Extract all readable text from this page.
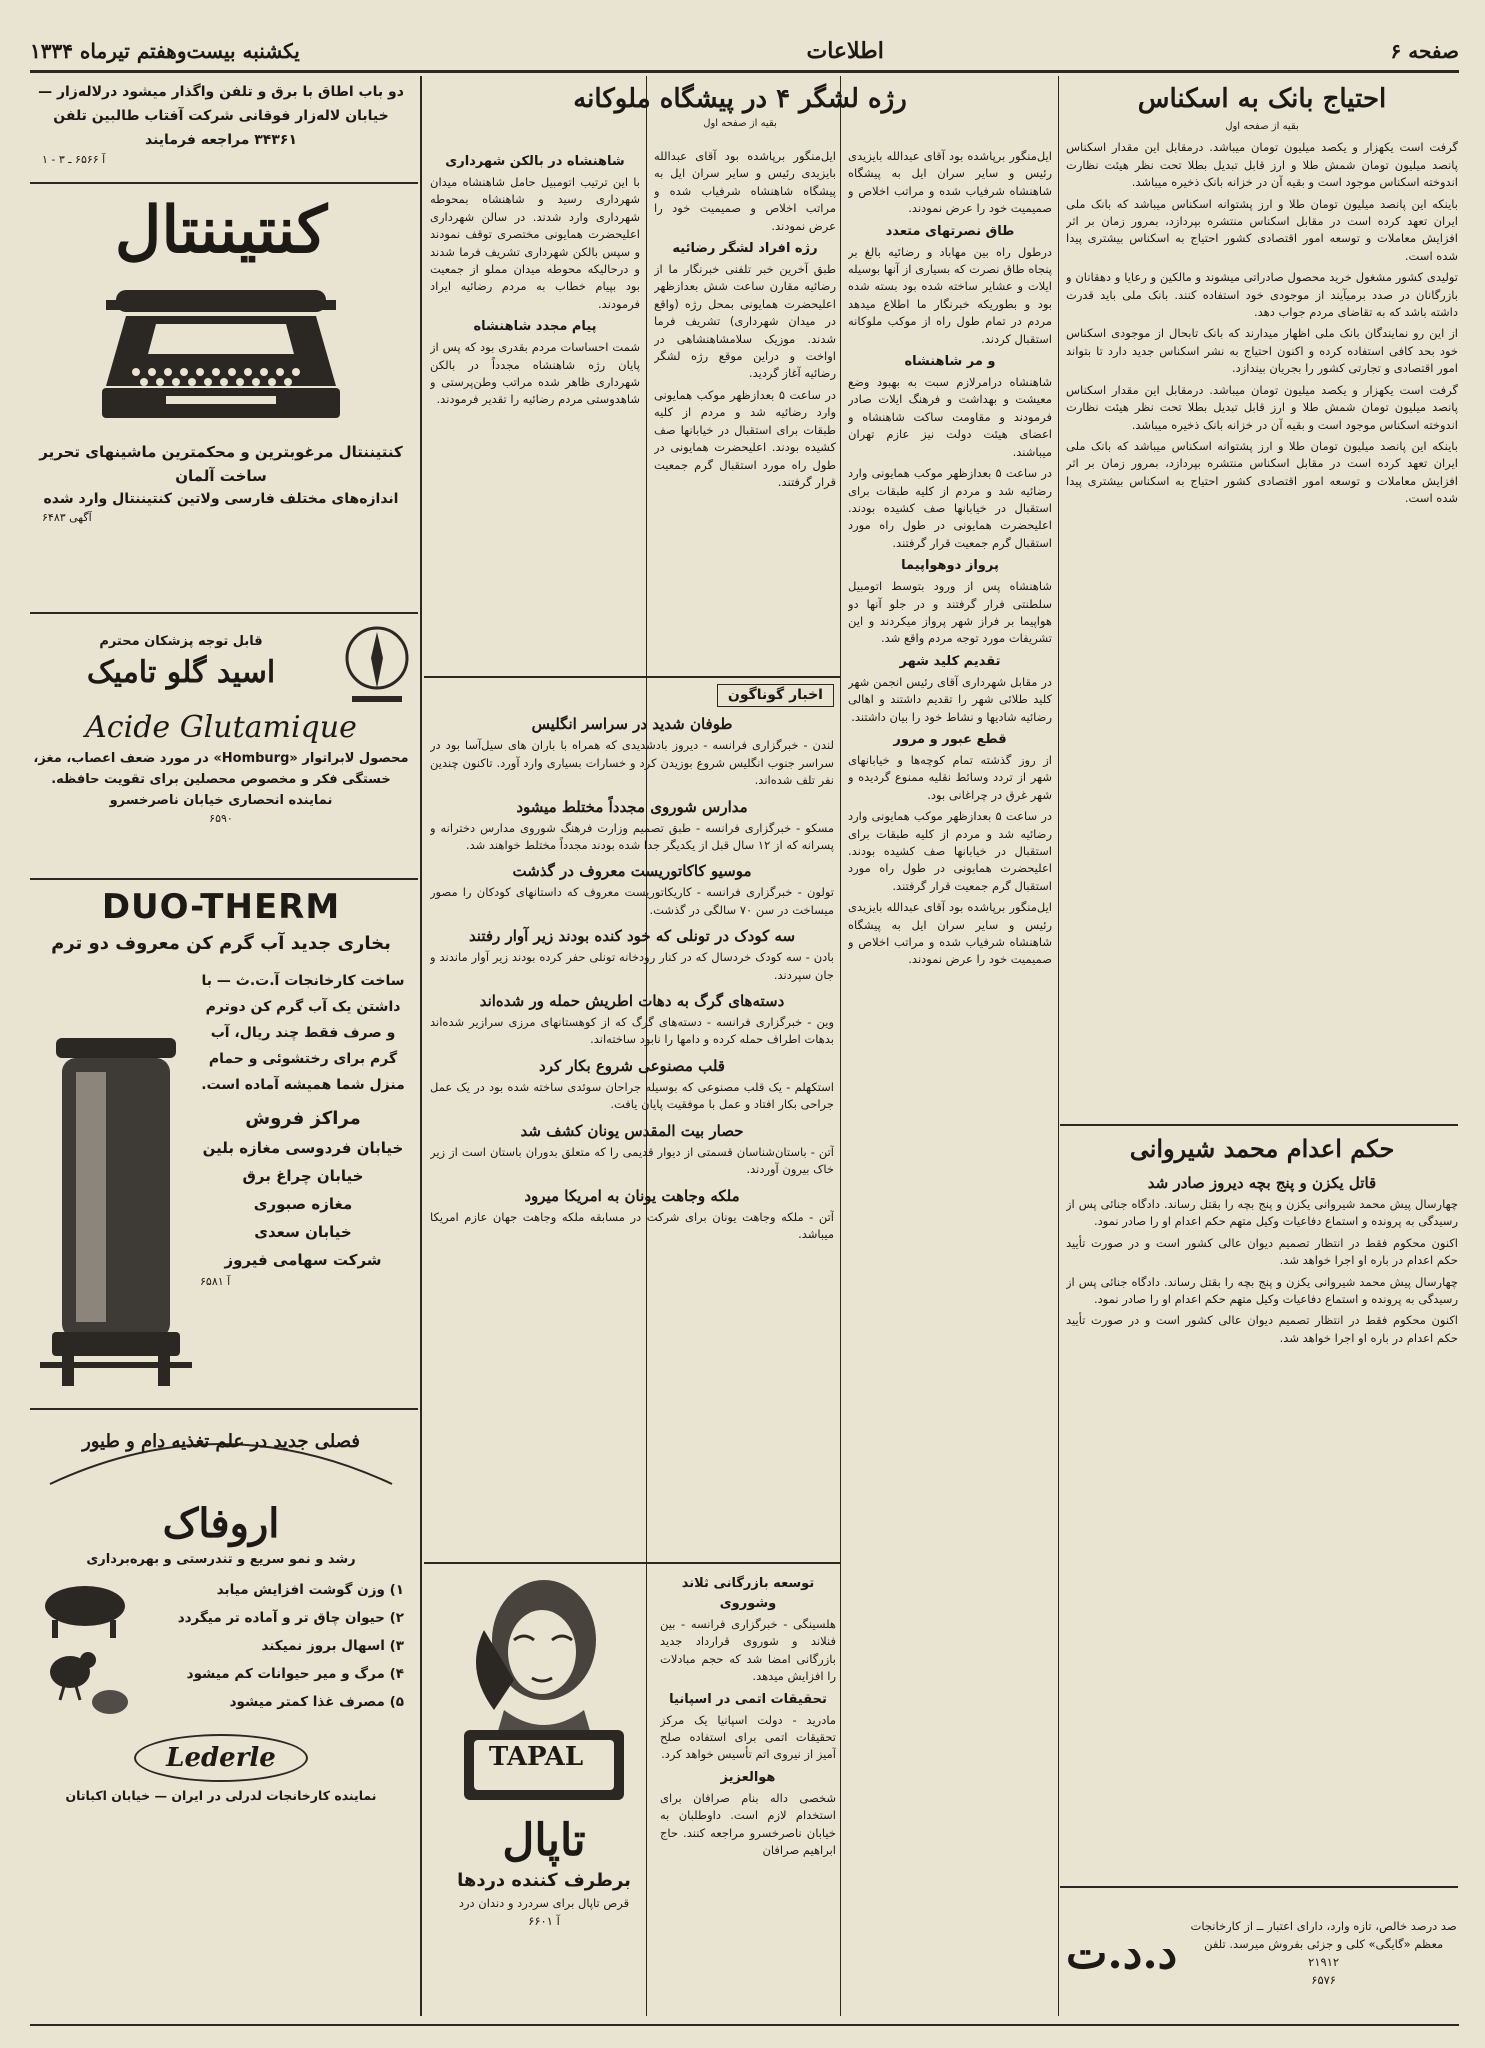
صفحه ۶
اطلاعات
یکشنبه بیست‌وهفتم تیرماه ۱۳۳۴
احتیاج بانک به اسکناس
بقیه از صفحه اول

گرفت است یکهزار و یکصد میلیون تومان میباشد. درمقابل این مقدار اسکناس پانصد میلیون تومان شمش طلا و ارز قابل تبدیل بطلا تحت نظر هیئت نظارت اندوخته اسکناس موجود است و بقیه آن در خزانه بانک ذخیره میباشد.

باینکه این پانصد میلیون تومان طلا و ارز پشتوانه اسکناس میباشد که بانک ملی ایران تعهد کرده است در مقابل اسکناس منتشره بپردازد، بمرور زمان بر اثر افزایش معاملات و توسعه امور اقتصادی کشور احتیاج به اسکناس بیشتری پیدا شده است.

تولیدی کشور مشغول خرید محصول صادراتی میشوند و مالکین و رعایا و دهقانان و بازرگانان در صدد برمیآیند از موجودی خود استفاده کنند. بانک ملی باید قدرت داشته باشد که به تقاضای مردم جواب دهد.

از این رو نمایندگان بانک ملی اظهار میدارند که بانک تابحال از موجودی اسکناس خود بحد کافی استفاده کرده و اکنون احتیاج به نشر اسکناس جدید دارد تا بتواند امور اقتصادی و تجارتی کشور را بجریان بیندازد.

گرفت است یکهزار و یکصد میلیون تومان میباشد. درمقابل این مقدار اسکناس پانصد میلیون تومان شمش طلا و ارز قابل تبدیل بطلا تحت نظر هیئت نظارت اندوخته اسکناس موجود است و بقیه آن در خزانه بانک ذخیره میباشد.

باینکه این پانصد میلیون تومان طلا و ارز پشتوانه اسکناس میباشد که بانک ملی ایران تعهد کرده است در مقابل اسکناس منتشره بپردازد، بمرور زمان بر اثر افزایش معاملات و توسعه امور اقتصادی کشور احتیاج به اسکناس بیشتری پیدا شده است.

حکم اعدام محمد شیروانی
قاتل یکزن و پنج بچه دیروز صادر شد

چهارسال پیش محمد شیروانی یکزن و پنج بچه را بقتل رساند. دادگاه جنائی پس از رسیدگی به پرونده و استماع دفاعیات وکیل متهم حکم اعدام او را صادر نمود.

اکنون محکوم فقط در انتظار تصمیم دیوان عالی کشور است و در صورت تأیید حکم اعدام در باره او اجرا خواهد شد.

چهارسال پیش محمد شیروانی یکزن و پنج بچه را بقتل رساند. دادگاه جنائی پس از رسیدگی به پرونده و استماع دفاعیات وکیل متهم حکم اعدام او را صادر نمود.

اکنون محکوم فقط در انتظار تصمیم دیوان عالی کشور است و در صورت تأیید حکم اعدام در باره او اجرا خواهد شد.

صد درصد خالص، تازه وارد، دارای اعتبار ــ از کارخانجات معظم «گایگی» کلی و جزئی بفروش میرسد. تلفن ۲۱۹۱۲
۶۵۷۶
د.د.ت
رژه لشگر ۴ در پیشگاه ملوکانه
بقیه از صفحه اول

ایل‌منگور برپاشده بود آقای عبدالله بایزیدی رئیس و سایر سران ایل به پیشگاه شاهنشاه شرفیاب شده و مراتب اخلاص و صمیمیت خود را عرض نمودند.

طاق نصرتهای متعدد

درطول راه بین مهاباد و رضائیه بالغ بر پنجاه طاق نصرت که بسیاری از آنها بوسیله ایلات و عشایر ساخته شده بود بسته شده بود و بطوریکه خبرنگار ما اطلاع میدهد مردم در تمام طول راه از موکب ملوکانه استقبال کردند.

و مر شاهنشاه

شاهنشاه درامرلازم سبت به بهبود وضع معیشت و بهداشت و فرهنگ ایلات صادر فرمودند و مقاومت ساکت شاهنشاه و اعضای هیئت دولت نیز عازم تهران میباشند.

در ساعت ۵ بعدازظهر موکب همایونی وارد رضائیه شد و مردم از کلیه طبقات برای استقبال در خیابانها صف کشیده بودند. اعلیحضرت همایونی در طول راه مورد استقبال گرم جمعیت قرار گرفتند.

پرواز دوهواپیما

شاهنشاه پس از ورود بتوسط اتومبیل سلطنتی فرار گرفتند و در جلو آنها دو هواپیما بر فراز شهر پرواز میکردند و این تشریفات مورد توجه مردم واقع شد.

تقدیم کلید شهر

در مقابل شهرداری آقای رئیس انجمن شهر کلید طلائی شهر را تقدیم داشتند و اهالی رضائیه شادیها و نشاط خود را بیان داشتند.

قطع عبور و مرور

از روز گذشته تمام کوچه‌ها و خیابانهای شهر از تردد وسائط نقلیه ممنوع گردیده و شهر غرق در چراغانی بود.

در ساعت ۵ بعدازظهر موکب همایونی وارد رضائیه شد و مردم از کلیه طبقات برای استقبال در خیابانها صف کشیده بودند. اعلیحضرت همایونی در طول راه مورد استقبال گرم جمعیت قرار گرفتند.

ایل‌منگور برپاشده بود آقای عبدالله بایزیدی رئیس و سایر سران ایل به پیشگاه شاهنشاه شرفیاب شده و مراتب اخلاص و صمیمیت خود را عرض نمودند.

ایل‌منگور برپاشده بود آقای عبدالله بایزیدی رئیس و سایر سران ایل به پیشگاه شاهنشاه شرفیاب شده و مراتب اخلاص و صمیمیت خود را عرض نمودند.

رژه افراد لشگر رضائیه

طبق آخرین خبر تلفنی خبرنگار ما از رضائیه مقارن ساعت شش بعدازظهر اعلیحضرت همایونی بمحل رژه (واقع در میدان شهرداری) تشریف فرما شدند. موزیک سلامشاهنشاهی در اواخت و دراین موقع رژه لشگر رضائیه آغاز گردید.

در ساعت ۵ بعدازظهر موکب همایونی وارد رضائیه شد و مردم از کلیه طبقات برای استقبال در خیابانها صف کشیده بودند. اعلیحضرت همایونی در طول راه مورد استقبال گرم جمعیت قرار گرفتند.

شاهنشاه در بالکن شهرداری

با این ترتیب اتومبیل حامل شاهنشاه میدان شهرداری رسید و شاهنشاه بمحوطه شهرداری وارد شدند. در سالن شهرداری اعلیحضرت همایونی مختصری توقف نمودند و سپس بالکن شهرداری تشریف فرما شدند و درحالیکه محوطه میدان مملو از جمعیت بود بپیام خطاب به مردم رضائیه ایراد فرمودند.

پیام مجدد شاهنشاه

شمت احساسات مردم بقدری بود که پس از پایان رژه شاهنشاه مجدداً در بالکن شهرداری ظاهر شده مراتب وطن‌پرستی و شاهدوستی مردم رضائیه را تقدیر فرمودند.

اخبار گوناگون
طوفان شدید در سراسر انگلیس

لندن - خبرگزاری فرانسه - دیروز بادشدیدی که همراه با باران های سیل‌آسا بود در سراسر جنوب انگلیس شروع بوزیدن کرد و خسارات بسیاری وارد آورد. تاکنون چندین نفر تلف شده‌اند.

مدارس شوروی مجدداً مختلط میشود

مسکو - خبرگزاری فرانسه - طبق تصمیم وزارت فرهنگ شوروی مدارس دخترانه و پسرانه که از ۱۲ سال قبل از یکدیگر جدا شده بودند مجدداً مختلط خواهند شد.

موسیو کاکاتوریست معروف در گذشت

تولون - خبرگزاری فرانسه - کاریکاتوریست معروف که داستانهای کودکان را مصور میساخت در سن ۷۰ سالگی در گذشت.

سه کودک در تونلی که خود کنده بودند زیر آوار رفتند

بادن - سه کودک خردسال که در کنار رودخانه تونلی حفر کرده بودند زیر آوار ماندند و جان سپردند.

دسته‌های گرگ به دهات اطریش حمله ور شده‌اند

وین - خبرگزاری فرانسه - دسته‌های گرگ که از کوهستانهای مرزی سرازیر شده‌اند بدهات اطراف حمله کرده و دامها را نابود ساخته‌اند.

قلب مصنوعی شروع بکار کرد

استکهلم - یک قلب مصنوعی که بوسیله جراحان سوئدی ساخته شده بود در یک عمل جراحی بکار افتاد و عمل با موفقیت پایان یافت.

حصار بیت المقدس یونان کشف شد

آتن - باستان‌شناسان قسمتی از دیوار قدیمی را که متعلق بدوران باستان است از زیر خاک بیرون آوردند.

ملکه وجاهت یونان به امریکا میرود

آتن - ملکه وجاهت یونان برای شرکت در مسابقه ملکه وجاهت جهان عازم امریکا میباشد.

توسعه بازرگانی ثلاند وشوروی

هلسینگی - خبرگزاری فرانسه - بین فنلاند و شوروی قرارداد جدید بازرگانی امضا شد که حجم مبادلات را افزایش میدهد.

تحقیقات اتمی در اسپانیا

مادرید - دولت اسپانیا یک مرکز تحقیقات اتمی برای استفاده صلح آمیز از نیروی اتم تأسیس خواهد کرد.

هوالعزیز

شخصی داله بنام صرافان برای استخدام لازم است. داوطلبان به خیابان ناصرخسرو مراجعه کنند. حاج ابراهیم صرافان

TAPAL
تاپال
برطرف کننده دردها
قرص تاپال برای سردرد و دندان درد
آ ۶۶۰۱
دو باب اطاق با برق و تلفن واگذار میشود درلاله‌زار — خیابان لاله‌زار فوقانی شرکت آفتاب طالبین تلفن ۳۴۳۶۱ مراجعه فرمایند
آ ۶۵۶۶ ـ ۳ - ۱
کنتیننتال
کنتیننتال مرغوبترین و محکمترین ماشینهای تحریر ساخت آلمان
اندازه‌های مختلف فارسی ولاتین کنتیننتال وارد شده
آگهی ۶۴۸۳
قابل توجه پزشکان محترم
اسید گلو تامیک
Acide Glutamique
محصول لابراتوار «Homburg» در مورد ضعف اعصاب، مغز، خستگی فکر و مخصوص محصلین برای تقویت حافظه. نماینده انحصاری خیابان ناصرخسرو
۶۵۹۰
DUO-THERM
بخاری جدید آب گرم کن معروف دو ترم
ساخت کارخانجات آ.ت.ث — با داشتن یک آب گرم کن دوترم و صرف فقط چند ریال، آب گرم برای رختشوئی و حمام منزل شما همیشه آماده است.
مراکز فروش
خیابان فردوسی مغازه بلین
خیابان چراغ برق
مغازه صبوری
خیابان سعدی
شرکت سهامی فیروز
آ ۶۵۸۱
فصلی جدید در علم تغذیه دام و طیور
اروفاک
رشد و نمو سریع و تندرستی و بهره‌برداری
۱) وزن گوشت افزایش میابد
۲) حیوان چاق تر و آماده تر میگردد
۳) اسهال بروز نمیکند
۴) مرگ و میر حیوانات کم میشود
۵) مصرف غذا کمتر میشود
Lederle
نماینده کارخانجات لدرلی در ایران — خیابان اکباتان
